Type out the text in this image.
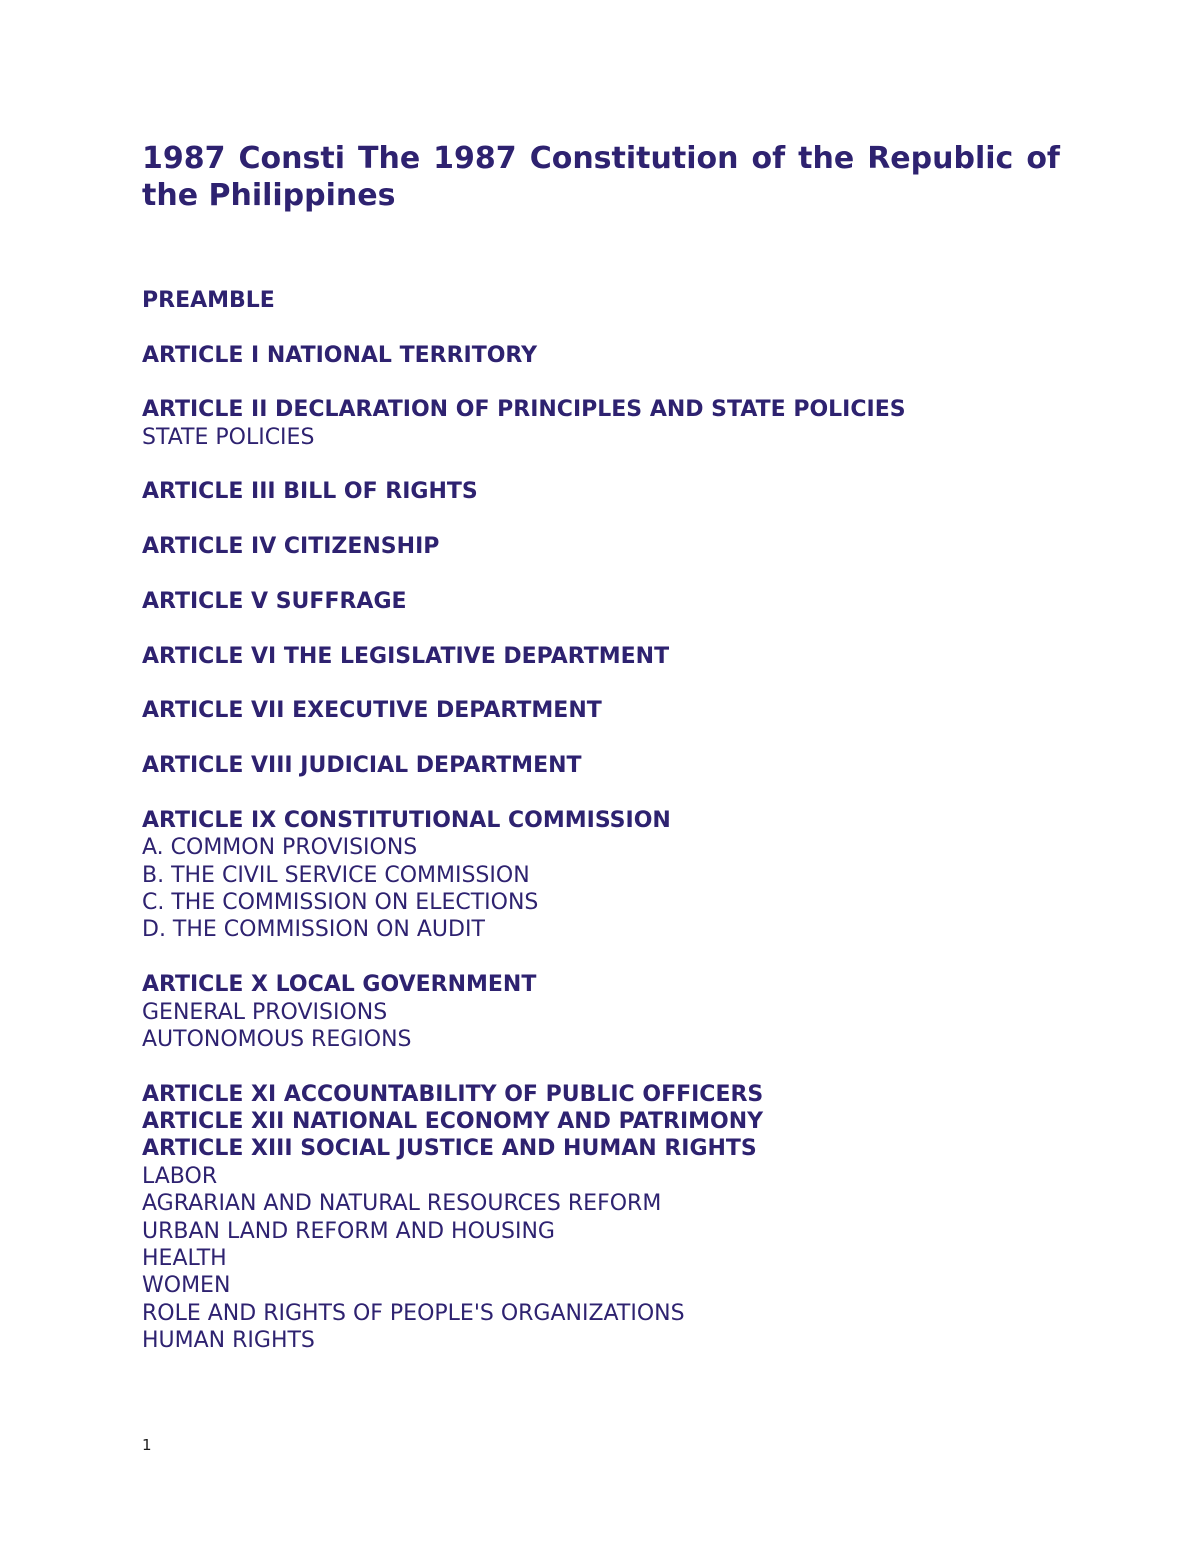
1987 Consti The 1987 Constitution of the Republic of the Philippines
PREAMBLE
ARTICLE I NATIONAL TERRITORY
ARTICLE II DECLARATION OF PRINCIPLES AND STATE POLICIES
STATE POLICIES
ARTICLE III BILL OF RIGHTS
ARTICLE IV CITIZENSHIP
ARTICLE V SUFFRAGE
ARTICLE VI THE LEGISLATIVE DEPARTMENT
ARTICLE VII EXECUTIVE DEPARTMENT
ARTICLE VIII JUDICIAL DEPARTMENT
ARTICLE IX CONSTITUTIONAL COMMISSION
A. COMMON PROVISIONS
B. THE CIVIL SERVICE COMMISSION
C. THE COMMISSION ON ELECTIONS
D. THE COMMISSION ON AUDIT
ARTICLE X LOCAL GOVERNMENT
GENERAL PROVISIONS
AUTONOMOUS REGIONS
ARTICLE XI ACCOUNTABILITY OF PUBLIC OFFICERS
ARTICLE XII NATIONAL ECONOMY AND PATRIMONY
ARTICLE XIII SOCIAL JUSTICE AND HUMAN RIGHTS
LABOR
AGRARIAN AND NATURAL RESOURCES REFORM
URBAN LAND REFORM AND HOUSING
HEALTH
WOMEN
ROLE AND RIGHTS OF PEOPLE'S ORGANIZATIONS
HUMAN RIGHTS
1
